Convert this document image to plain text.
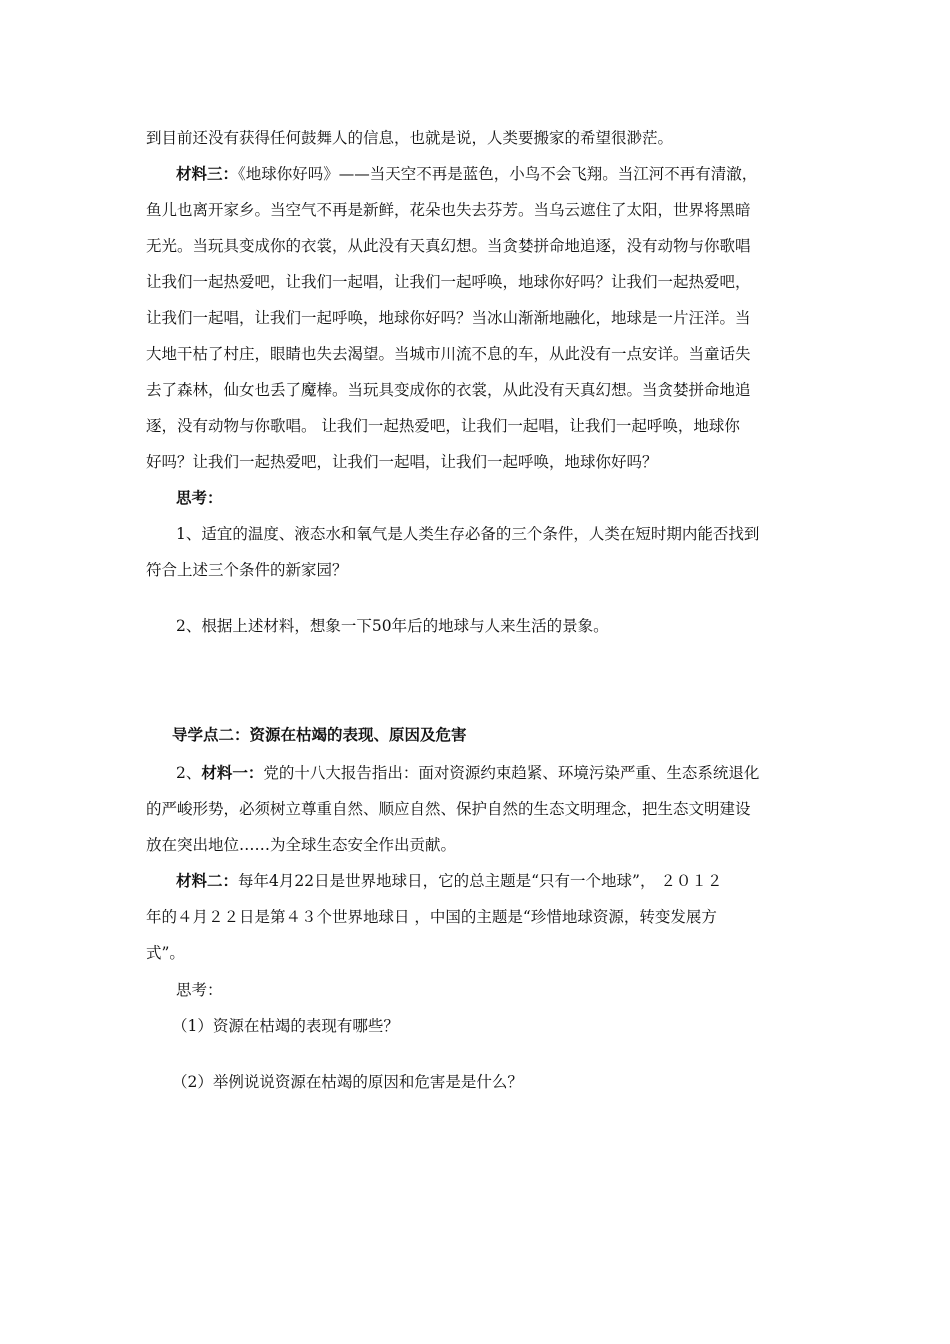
到目前还没有获得任何鼓舞人的信息，也就是说，人类要搬家的希望很渺茫。
材料三：《地球你好吗》——当天空不再是蓝色，小鸟不会飞翔。当江河不再有清澈，
鱼儿也离开家乡。当空气不再是新鲜，花朵也失去芬芳。当乌云遮住了太阳，世界将黑暗
无光。当玩具变成你的衣裳，从此没有天真幻想。当贪婪拼命地追逐，没有动物与你歌唱
让我们一起热爱吧，让我们一起唱，让我们一起呼唤，地球你好吗？让我们一起热爱吧，
让我们一起唱，让我们一起呼唤，地球你好吗？当冰山渐渐地融化，地球是一片汪洋。当
大地干枯了村庄，眼睛也失去渴望。当城市川流不息的车，从此没有一点安详。当童话失
去了森林，仙女也丢了魔棒。当玩具变成你的衣裳，从此没有天真幻想。当贪婪拼命地追
逐，没有动物与你歌唱。 让我们一起热爱吧，让我们一起唱，让我们一起呼唤，地球你
好吗？让我们一起热爱吧，让我们一起唱，让我们一起呼唤，地球你好吗？
思考：
1、适宜的温度、液态水和氧气是人类生存必备的三个条件，人类在短时期内能否找到
符合上述三个条件的新家园？
2、根据上述材料，想象一下50年后的地球与人来生活的景象。
导学点二：资源在枯竭的表现、原因及危害
2、材料一：党的十八大报告指出：面对资源约束趋紧、环境污染严重、生态系统退化
的严峻形势，必须树立尊重自然、顺应自然、保护自然的生态文明理念，把生态文明建设
放在突出地位……为全球生态安全作出贡献。
材料二：每年4月22日是世界地球日，它的总主题是“只有一个地球”， ２０１２
年的４月２２日是第４３个世界地球日 ，中国的主题是“珍惜地球资源，转变发展方
式”。
思考：
（1）资源在枯竭的表现有哪些？
（2）举例说说资源在枯竭的原因和危害是是什么？
